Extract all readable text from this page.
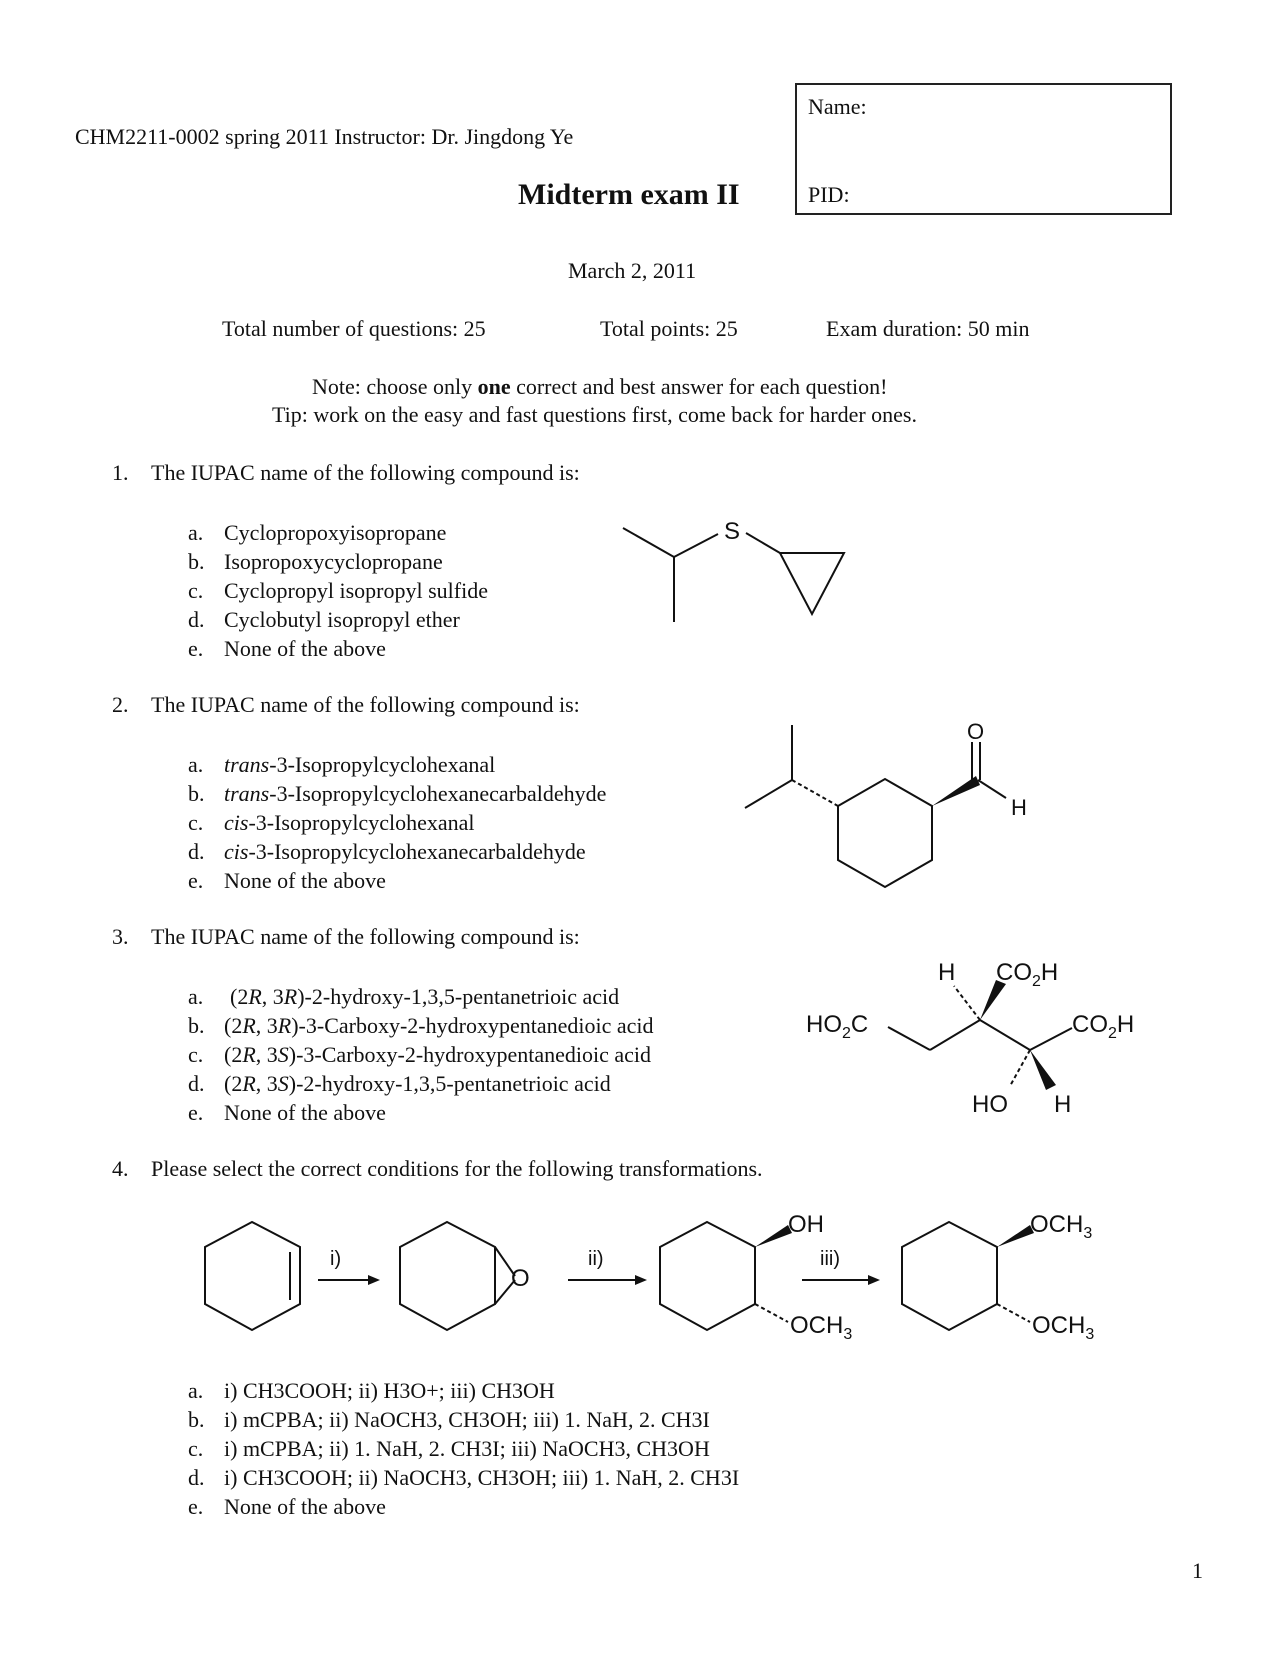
CHM2211-0002 spring 2011 Instructor: Dr. Jingdong Ye
Midterm exam II
Name:
PID:
March 2, 2011
Total number of questions: 25	Total points: 25	Exam duration: 50 min
Note: choose only one correct and best answer for each question!
Tip: work on the easy and fast questions first, come back for harder ones.
1. The IUPAC name of the following compound is:
a. Cyclopropoxyisopropane
b. Isopropoxycyclopropane
c. Cyclopropyl isopropyl sulfide
d. Cyclobutyl isopropyl ether
e. None of the above
S
2. The IUPAC name of the following compound is:
a. trans-3-Isopropylcyclohexanal
b. trans-3-Isopropylcyclohexanecarbaldehyde
c. cis-3-Isopropylcyclohexanal
d. cis-3-Isopropylcyclohexanecarbaldehyde
e. None of the above
O
H
3. The IUPAC name of the following compound is:
a. (2R, 3R)-2-hydroxy-1,3,5-pentanetrioic acid
b. (2R, 3R)-3-Carboxy-2-hydroxypentanedioic acid
c. (2R, 3S)-3-Carboxy-2-hydroxypentanedioic acid
d. (2R, 3S)-2-hydroxy-1,3,5-pentanetrioic acid
e. None of the above
H $CO_2H$
$HO_2C$	$CO_2H$
HO H
4. Please select the correct conditions for the following transformations.
i)	ii)	iii)
O
OH
$OCH_3$
$OCH_3$
$OCH_3$
a. i) CH3COOH; ii) H3O+; iii) CH3OH
b. i) mCPBA; ii) NaOCH3, CH3OH; iii) 1. NaH, 2. CH3I
c. i) mCPBA; ii) 1. NaH, 2. CH3I; iii) NaOCH3, CH3OH
d. i) CH3COOH; ii) NaOCH3, CH3OH; iii) 1. NaH, 2. CH3I
e. None of the above
1
